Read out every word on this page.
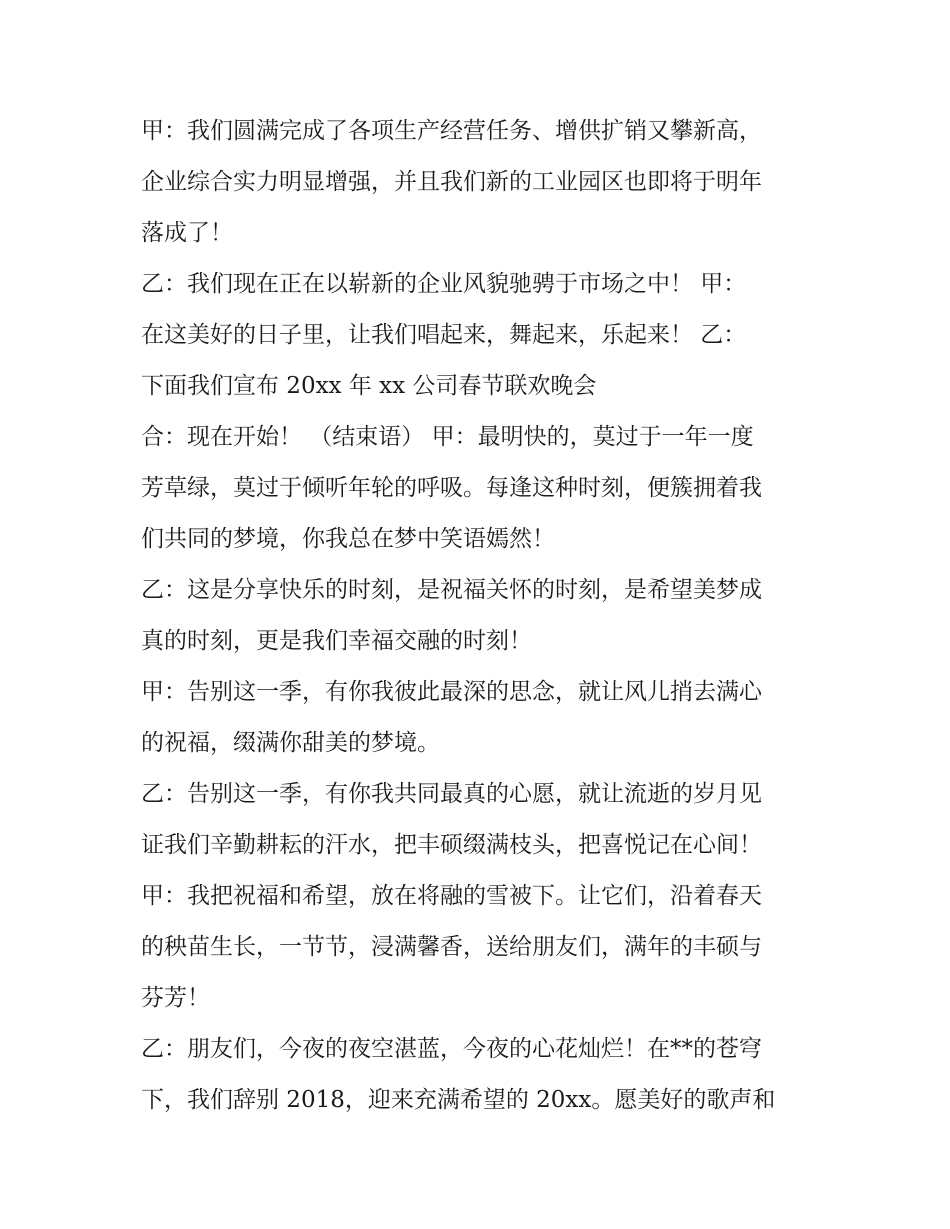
甲：我们圆满完成了各项生产经营任务、增供扩销又攀新高，
企业综合实力明显增强，并且我们新的工业园区也即将于明年
落成了！
乙：我们现在正在以崭新的企业风貌驰骋于市场之中！ 甲：
在这美好的日子里，让我们唱起来，舞起来，乐起来！ 乙：
下面我们宣布 20xx 年 xx 公司春节联欢晚会
合：现在开始！ （结束语） 甲：最明快的，莫过于一年一度
芳草绿，莫过于倾听年轮的呼吸。每逢这种时刻，便簇拥着我
们共同的梦境，你我总在梦中笑语嫣然！
乙：这是分享快乐的时刻，是祝福关怀的时刻，是希望美梦成
真的时刻，更是我们幸福交融的时刻！
甲：告别这一季，有你我彼此最深的思念，就让风儿捎去满心
的祝福，缀满你甜美的梦境。
乙：告别这一季，有你我共同最真的心愿，就让流逝的岁月见
证我们辛勤耕耘的汗水，把丰硕缀满枝头，把喜悦记在心间！
甲：我把祝福和希望，放在将融的雪被下。让它们，沿着春天
的秧苗生长，一节节，浸满馨香，送给朋友们，满年的丰硕与
芬芳！
乙：朋友们，今夜的夜空湛蓝，今夜的心花灿烂！在**的苍穹
下，我们辞别 2018，迎来充满希望的 20xx。愿美好的歌声和
